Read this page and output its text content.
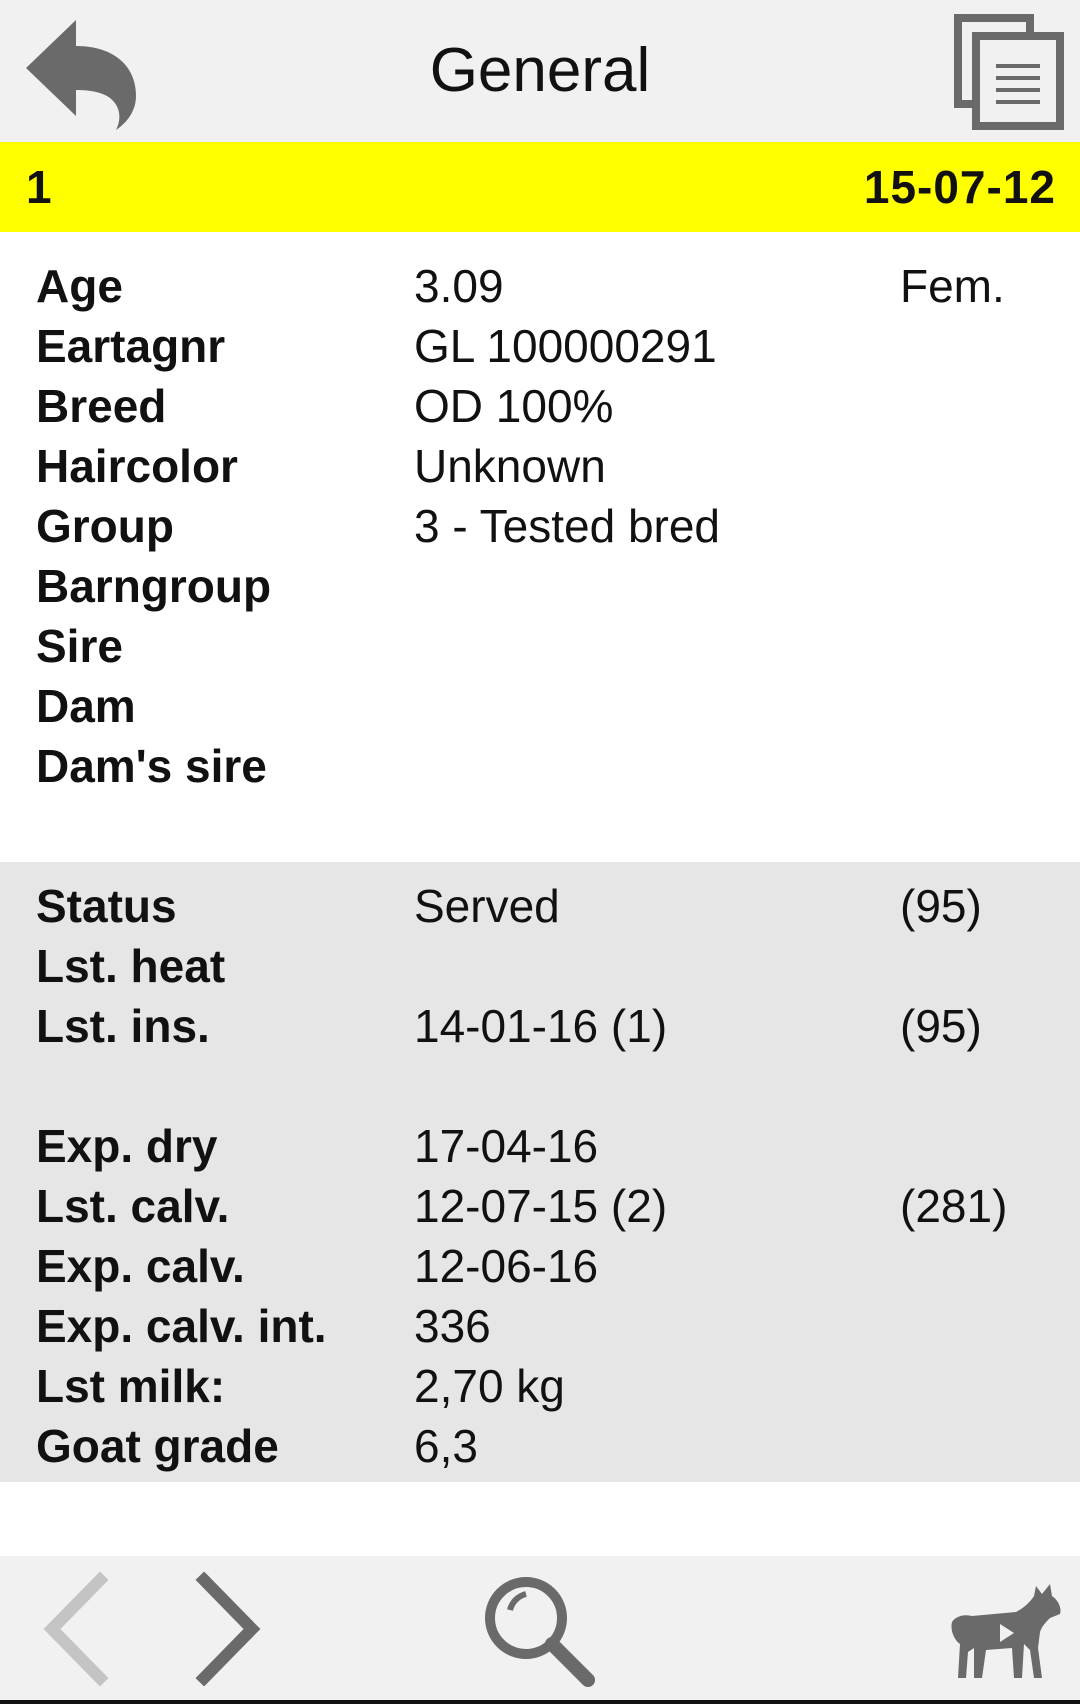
General
1	15-07-12
Age	3.09	Fem.
Eartagnr	GL 100000291
Breed	OD 100%
Haircolor	Unknown
Group	3 - Tested bred
Barngroup
Sire
Dam
Dam's sire
Status	Served	(95)
Lst. heat
Lst. ins.	14-01-16 (1)	(95)
Exp. dry	17-04-16
Lst. calv.	12-07-15 (2)	(281)
Exp. calv.	12-06-16
Exp. calv. int. 336
Lst milk:	2,70 kg
Goat grade	6,3
